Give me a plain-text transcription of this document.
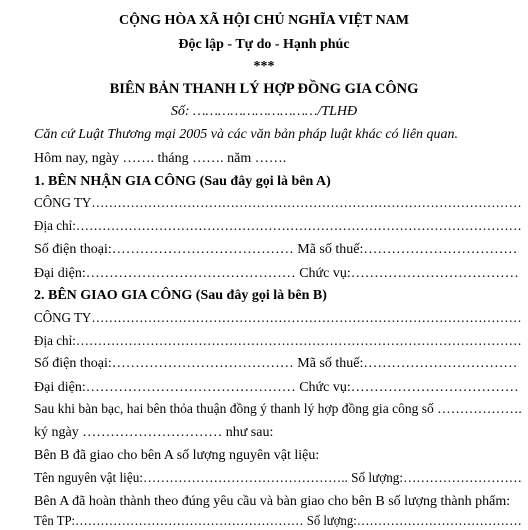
CỘNG HÒA XÃ HỘI CHỦ NGHĨA VIỆT NAM
Độc lập - Tự do - Hạnh phúc
***
BIÊN BẢN THANH LÝ HỢP ĐỒNG GIA CÔNG
Số: …………………………/TLHĐ
Căn cứ Luật Thương mại 2005 và các văn bản pháp luật khác có liên quan.
Hôm nay, ngày ……. tháng ……. năm …….
1. BÊN NHẬN GIA CÔNG (Sau đây gọi là bên A)
CÔNG TY………………………………………………………………………………………
Địa chỉ:…………………………………………………………………………………………
Số điện thoại:………………………………… Mã số thuế:……………………………
Đại diện:……………………………………… Chức vụ:………………………………
2. BÊN GIAO GIA CÔNG (Sau đây gọi là bên B)
CÔNG TY………………………………………………………………………………………
Địa chỉ:…………………………………………………………………………………………
Số điện thoại:………………………………… Mã số thuế:……………………………
Đại diện:……………………………………… Chức vụ:………………………………
Sau khi bàn bạc, hai bên thỏa thuận đồng ý thanh lý hợp đồng gia công số ……………….
ký ngày ………………………… như sau:
Bên B đã giao cho bên A số lượng nguyên vật liệu:
Tên nguyên vật liệu:……………………………………….. Số lượng:………………………
Bên A đã hoàn thành theo đúng yêu cầu và bàn giao cho bên B số lượng thành phẩm:
Tên TP:……………………………………………… Số lượng:…………………………………
